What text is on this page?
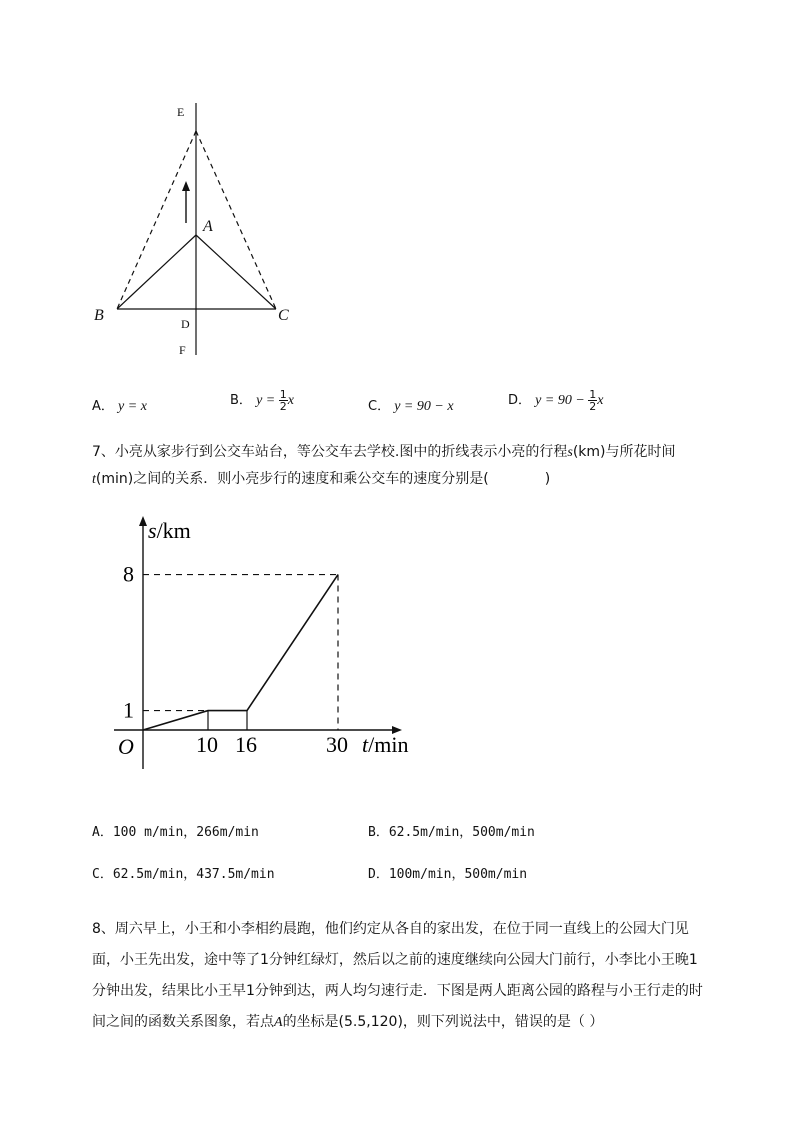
E
A
B	C
D
F
A． y = x	B． $y = \frac{1}{2}$ x	C． y = 90 − x	D． $y = 90 - \frac{1}{2}$ x
7、小亮从家步行到公交车站台，等公交车去学校.图中的折线表示小亮的行程s(km)与所花时间
t(min)之间的关系．则小亮步行的速度和乘公交车的速度分别是(	)
1
8
10 16	30
s/km
t/min
O
A．100 m/min，266m/min	B．62.5m/min，500m/min
C．62.5m/min，437.5m/min	D．100m/min，500m/min
8、周六早上，小王和小李相约晨跑，他们约定从各自的家出发，在位于同一直线上的公园大门见
面，小王先出发，途中等了1分钟红绿灯，然后以之前的速度继续向公园大门前行，小李比小王晚1
分钟出发，结果比小王早1分钟到达，两人均匀速行走．下图是两人距离公园的路程与小王行走的时
间之间的函数关系图象，若点A的坐标是(5.5,120)，则下列说法中，错误的是（ ）
